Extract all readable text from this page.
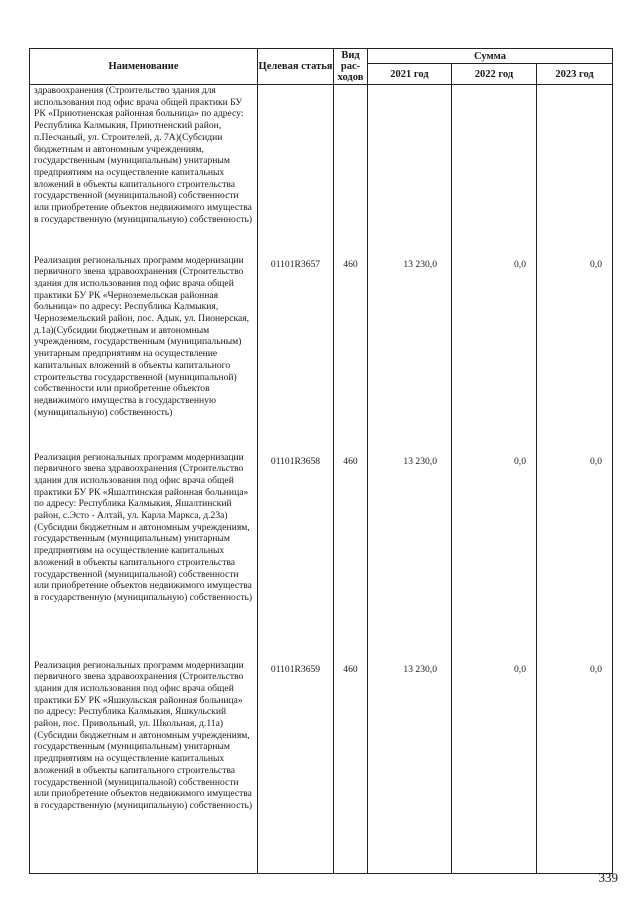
Наименование	Целевая статья	Вид рас-ходов	Сумма		
			2021 год	2022 год	2023 год
здравоохранения (Строительство здания для использования под офис врача общей практики БУ РК «Приютненская районная больница» по адресу: Республика Калмыкия, Приютненский район, п.Песчаный, ул. Строителей, д. 7А)(Субсидии бюджетным и автономным учреждениям, государственным (муниципальным) унитарным предприятиям на осуществление капитальных вложений в объекты капитального строительства государственной (муниципальной) собственности или приобретение объектов недвижимого имущества в государственную (муниципальную) собственность)					
Реализация региональных программ модернизации первичного звена здравоохранения (Строительство здания для использования под офис врача общей практики БУ РК «Черноземельская районная больница» по адресу: Республика Калмыкия, Черноземельский район, пос. Адык, ул. Пионерская, д.1а)(Субсидии бюджетным и автономным учреждениям, государственным (муниципальным) унитарным предприятиям на осуществление капитальных вложений в объекты капитального строительства государственной (муниципальной) собственности или приобретение объектов недвижимого имущества в государственную (муниципальную) собственность)	01101R3657	460	13 230,0	0,0	0,0
Реализация региональных программ модернизации первичного звена здравоохранения (Строительство здания для использования под офис врача общей практики БУ РК «Яшалтинская районная больница» по адресу: Республика Калмыкия, Яшалтинский район, с.Эсто - Алтай, ул. Карла Маркса, д.23а)(Субсидии бюджетным и автономным учреждениям, государственным (муниципальным) унитарным предприятиям на осуществление капитальных вложений в объекты капитального строительства государственной (муниципальной) собственности или приобретение объектов недвижимого имущества в государственную (муниципальную) собственность)	01101R3658	460	13 230,0	0,0	0,0
Реализация региональных программ модернизации первичного звена здравоохранения (Строительство здания для использования под офис врача общей практики БУ РК «Яшкульская районная больница» по адресу: Республика Калмыкия, Яшкульский район, пос. Привольный, ул. Школьная, д.11а)(Субсидии бюджетным и автономным учреждениям, государственным (муниципальным) унитарным предприятиям на осуществление капитальных вложений в объекты капитального строительства государственной (муниципальной) собственности или приобретение объектов недвижимого имущества в государственную (муниципальную) собственность)	01101R3659	460	13 230,0	0,0	0,0
339
